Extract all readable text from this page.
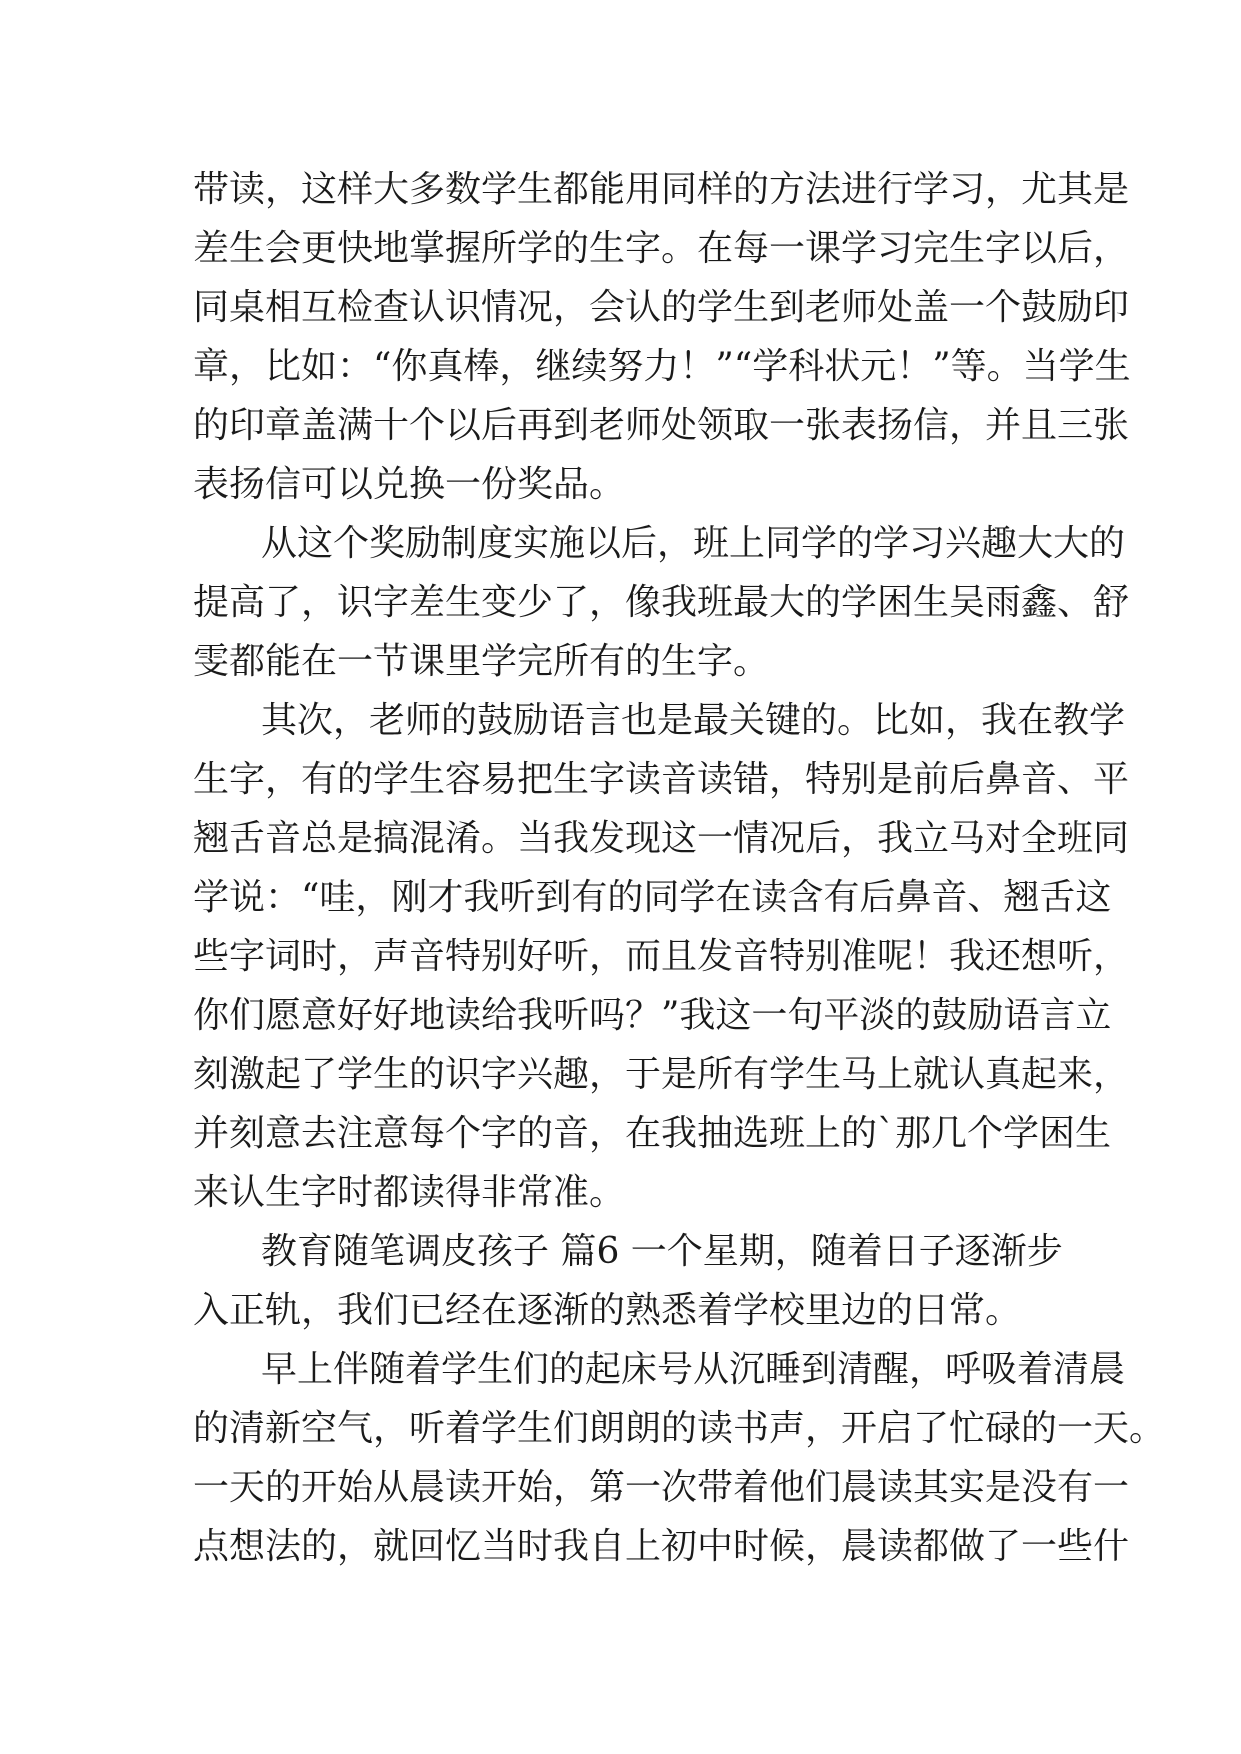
带读，这样大多数学生都能用同样的方法进行学习，尤其是
差生会更快地掌握所学的生字。在每一课学习完生字以后，
同桌相互检查认识情况，会认的学生到老师处盖一个鼓励印
章，比如：“你真棒，继续努力！”“学科状元！”等。当学生
的印章盖满十个以后再到老师处领取一张表扬信，并且三张
表扬信可以兑换一份奖品。
从这个奖励制度实施以后，班上同学的学习兴趣大大的
提高了，识字差生变少了，像我班最大的学困生吴雨鑫、舒
雯都能在一节课里学完所有的生字。
其次，老师的鼓励语言也是最关键的。比如，我在教学
生字，有的学生容易把生字读音读错，特别是前后鼻音、平
翘舌音总是搞混淆。当我发现这一情况后，我立马对全班同
学说：“哇，刚才我听到有的同学在读含有后鼻音、翘舌这
些字词时，声音特别好听，而且发音特别准呢！我还想听，
你们愿意好好地读给我听吗？”我这一句平淡的鼓励语言立
刻激起了学生的识字兴趣，于是所有学生马上就认真起来，
并刻意去注意每个字的音，在我抽选班上的`那几个学困生
来认生字时都读得非常准。
教育随笔调皮孩子 篇6 一个星期，随着日子逐渐步
入正轨，我们已经在逐渐的熟悉着学校里边的日常。
早上伴随着学生们的起床号从沉睡到清醒，呼吸着清晨
的清新空气，听着学生们朗朗的读书声，开启了忙碌的一天。
一天的开始从晨读开始，第一次带着他们晨读其实是没有一
点想法的，就回忆当时我自上初中时候，晨读都做了一些什
